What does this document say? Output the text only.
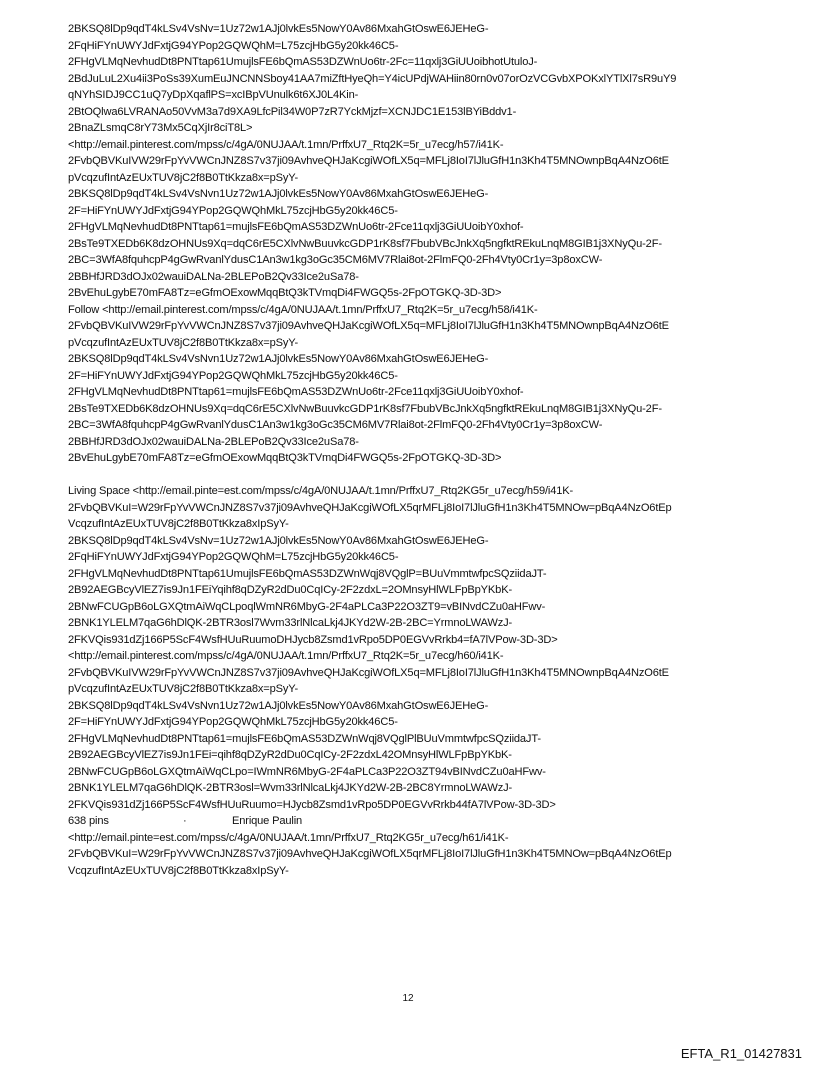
2BKSQ8lDp9qdT4kLSv4VsNv=1Uz72w1AJj0lvkEs5NowY0Av86MxahGtOswE6JEHeG-
2FqHiFYnUWYJdFxtjG94YPop2GQWQhM=L75zcjHbG5y20kk46C5-
2FHgVLMqNevhudDt8PNTtap61UmujlsFE6bQmAS53DZWnUo6tr-2Fc=11qxlj3GiUUoibhotUtuloJ-
2BdJuLuL2Xu4ii3PoSs39XumEuJNCNNSboy41AA7miZftHyeQh=Y4icUPdjWAHiin80rn0v07orOzVCGvbXPOKxlYTlXl7sR9uY9
qNYhSIDJ9CC1uQ7yDpXqaflPS=xcIBpVUnulk6t6XJ0L4Kin-
2BtOQlwa6LVRANAo50VvM3a7d9XA9LfcPil34W0P7zR7YckMjzf=XCNJDC1E153lBYiBddv1-
2BnaZLsmqC8rY73Mx5CqXjIr8ciT8L>
<http://email.pinterest.com/mpss/c/4gA/0NUJAA/t.1mn/PrffxU7_Rtq2K=5r_u7ecg/h57/i41K-
2FvbQBVKuIVW29rFpYvVWCnJNZ8S7v37ji09AvhveQHJaKcgiWOfLX5q=MFLj8IoI7lJluGfH1n3Kh4T5MNOwnpBqA4NzO6tE
pVcqzufIntAzEUxTUV8jC2f8B0TtKkza8x=pSyY-
2BKSQ8lDp9qdT4kLSv4VsNvn1Uz72w1AJj0lvkEs5NowY0Av86MxahGtOswE6JEHeG-
2F=HiFYnUWYJdFxtjG94YPop2GQWQhMkL75zcjHbG5y20kk46C5-
2FHgVLMqNevhudDt8PNTtap61=mujlsFE6bQmAS53DZWnUo6tr-2Fce11qxlj3GiUUoibY0xhof-
2BsTe9TXEDb6K8dzOHNUs9Xq=dqC6rE5CXlvNwBuuvkcGDP1rK8sf7FbubVBcJnkXq5ngfktREkuLnqM8GIB1j3XNyQu-2F-
2BC=3WfA8fquhcpP4gGwRvanlYdusC1An3w1kg3oGc35CM6MV7Rlai8ot-2FlmFQ0-2Fh4Vty0Cr1y=3p8oxCW-
2BBHfJRD3dOJx02wauiDALNa-2BLEPoB2Qv33Ice2uSa78-
2BvEhuLgybE70mFA8Tz=eGfmOExowMqqBtQ3kTVmqDi4FWGQ5s-2FpOTGKQ-3D-3D>
Follow <http://email.pinterest.com/mpss/c/4gA/0NUJAA/t.1mn/PrffxU7_Rtq2K=5r_u7ecg/h58/i41K-
2FvbQBVKuIVW29rFpYvVWCnJNZ8S7v37ji09AvhveQHJaKcgiWOfLX5q=MFLj8IoI7lJluGfH1n3Kh4T5MNOwnpBqA4NzO6tE
pVcqzufIntAzEUxTUV8jC2f8B0TtKkza8x=pSyY-
2BKSQ8lDp9qdT4kLSv4VsNvn1Uz72w1AJj0lvkEs5NowY0Av86MxahGtOswE6JEHeG-
2F=HiFYnUWYJdFxtjG94YPop2GQWQhMkL75zcjHbG5y20kk46C5-
2FHgVLMqNevhudDt8PNTtap61=mujlsFE6bQmAS53DZWnUo6tr-2Fce11qxlj3GiUUoibY0xhof-
2BsTe9TXEDb6K8dzOHNUs9Xq=dqC6rE5CXlvNwBuuvkcGDP1rK8sf7FbubVBcJnkXq5ngfktREkuLnqM8GIB1j3XNyQu-2F-
2BC=3WfA8fquhcpP4gGwRvanlYdusC1An3w1kg3oGc35CM6MV7Rlai8ot-2FlmFQ0-2Fh4Vty0Cr1y=3p8oxCW-
2BBHfJRD3dOJx02wauiDALNa-2BLEPoB2Qv33Ice2uSa78-
2BvEhuLgybE70mFA8Tz=eGfmOExowMqqBtQ3kTVmqDi4FWGQ5s-2FpOTGKQ-3D-3D>
Living Space <http://email.pinte=est.com/mpss/c/4gA/0NUJAA/t.1mn/PrffxU7_Rtq2KG5r_u7ecg/h59/i41K-
2FvbQBVKuI=W29rFpYvVWCnJNZ8S7v37ji09AvhveQHJaKcgiWOfLX5qrMFLj8IoI7lJluGfH1n3Kh4T5MNOw=pBqA4NzO6tEp
VcqzufIntAzEUxTUV8jC2f8B0TtKkza8xIpSyY-
2BKSQ8lDp9qdT4kLSv4VsNv=1Uz72w1AJj0lvkEs5NowY0Av86MxahGtOswE6JEHeG-
2FqHiFYnUWYJdFxtjG94YPop2GQWQhM=L75zcjHbG5y20kk46C5-
2FHgVLMqNevhudDt8PNTtap61UmujlsFE6bQmAS53DZWnWqj8VQglP=BUuVmmtwfpcSQziidaJT-
2B92AEGBcyVlEZ7is9Jn1FEiYqihf8qDZyR2dDu0CqICy-2F2zdxL=2OMnsyHlWLFpBpYKbK-
2BNwFCUGpB6oLGXQtmAiWqCLpoqlWmNR6MbyG-2F4aPLCa3P22O3ZT9=vBINvdCZu0aHFwv-
2BNK1YLELM7qaG6hDlQK-2BTR3osl7Wvm33rlNlcaLkj4JKYd2W-2B-2BC=YrmnoLWAWzJ-
2FKVQis931dZj166P5ScF4WsfHUuRuumoDHJycb8Zsmd1vRpo5DP0EGVvRrkb4=fA7lVPow-3D-3D>
<http://email.pinterest.com/mpss/c/4gA/0NUJAA/t.1mn/PrffxU7_Rtq2K=5r_u7ecg/h60/i41K-
2FvbQBVKuIVW29rFpYvVWCnJNZ8S7v37ji09AvhveQHJaKcgiWOfLX5q=MFLj8IoI7lJluGfH1n3Kh4T5MNOwnpBqA4NzO6tE
pVcqzufIntAzEUxTUV8jC2f8B0TtKkza8x=pSyY-
2BKSQ8lDp9qdT4kLSv4VsNvn1Uz72w1AJj0lvkEs5NowY0Av86MxahGtOswE6JEHeG-
2F=HiFYnUWYJdFxtjG94YPop2GQWQhMkL75zcjHbG5y20kk46C5-
2FHgVLMqNevhudDt8PNTtap61=mujlsFE6bQmAS53DZWnWqj8VQglPlBUuVmmtwfpcSQziidaJT-
2B92AEGBcyVlEZ7is9Jn1FEi=qihf8qDZyR2dDu0CqICy-2F2zdxL42OMnsyHlWLFpBpYKbK-
2BNwFCUGpB6oLGXQtmAiWqCLpo=IWmNR6MbyG-2F4aPLCa3P22O3ZT94vBINvdCZu0aHFwv-
2BNK1YLELM7qaG6hDlQK-2BTR3osl=Wvm33rlNlcaLkj4JKYd2W-2B-2BC8YrmnoLWAWzJ-
2FKVQis931dZj166P5ScF4WsfHUuRuumo=HJycb8Zsmd1vRpo5DP0EGVvRrkb44fA7lVPow-3D-3D>
638 pins	·	Enrique Paulin
<http://email.pinte=est.com/mpss/c/4gA/0NUJAA/t.1mn/PrffxU7_Rtq2KG5r_u7ecg/h61/i41K-
2FvbQBVKuI=W29rFpYvVWCnJNZ8S7v37ji09AvhveQHJaKcgiWOfLX5qrMFLj8IoI7lJluGfH1n3Kh4T5MNOw=pBqA4NzO6tEp
VcqzufIntAzEUxTUV8jC2f8B0TtKkza8xIpSyY-
12
EFTA_R1_01427831
